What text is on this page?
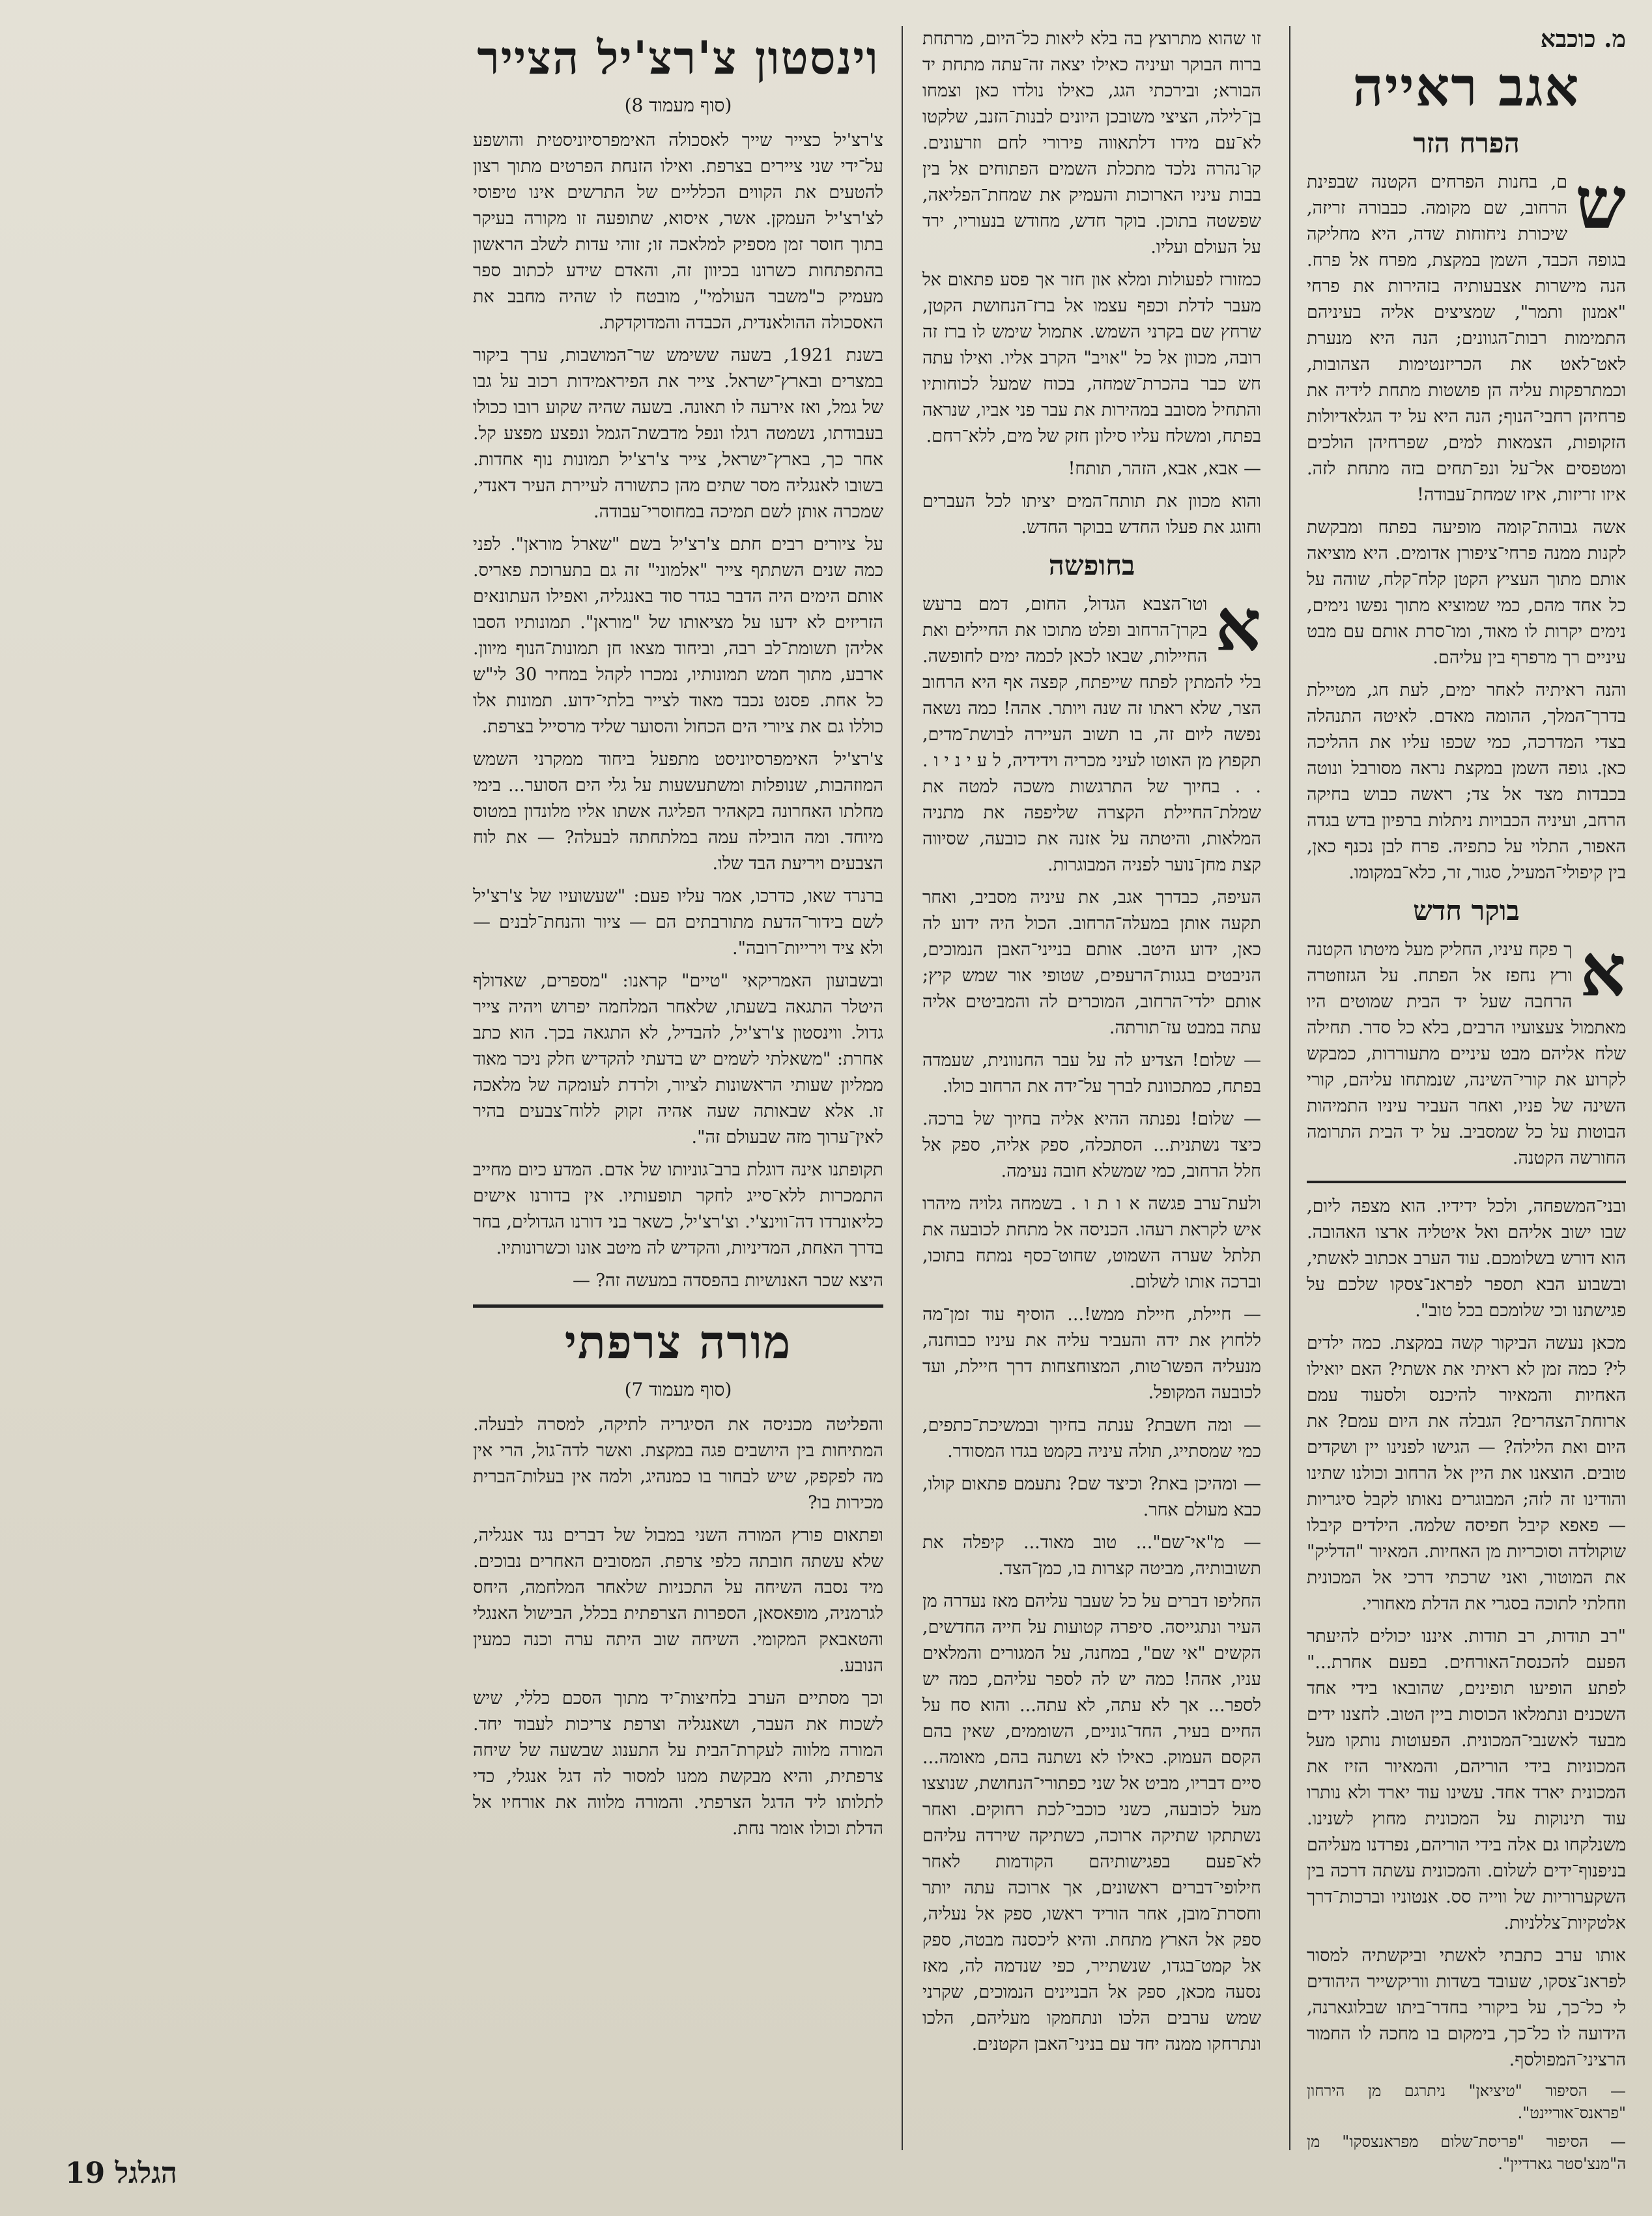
מ. כוכבא
אגב ראייה
הפרח הזר

ש
ם, בחנות הפרחים הקטנה שבפינת הרחוב, שם מקומה. כבבורה זריזה, שיכורת ניחוחות שדה, היא מחליקה בגופה הכבד, השמן במקצת, מפרח אל פרח. הנה מישרות אצבעותיה בזהירות את פרחי "אמנון ותמר", שמציצים אליה בעיניהם התמימות רבות־הגוונים; הנה היא מנערת לאט־לאט את הכריזנטימות הצהובות, וכמתרפקות עליה הן פושטות מתחת לידיה את פרחיהן רחבי־הנוף; הנה היא על יד הגלאדיולות הזקופות, הצמאות למים, שפרחיהן הולכים ומטפסים אל־על ונפ־תחים בזה מתחת לזה. איזו זריזות, איזו שמחת־עבודה!

אשה גבוהת־קומה מופיעה בפתח ומבקשת לקנות ממנה פרחי־ציפורן אדומים. היא מוציאה אותם מתוך העציץ הקטן קלח־קלח, שוהה על כל אחד מהם, כמי שמוציא מתוך נפשו נימים, נימים יקרות לו מאוד, ומו־סרת אותם עם מבט עיניים רך מרפרף בין עליהם.

והנה ראיתיה לאחר ימים, לעת חג, מטיילת בדרך־המלך, ההומה מאדם. לאיטה התנהלה בצדי המדרכה, כמי שכפו עליו את ההליכה כאן. גופה השמן במקצת נראה מסורבל ונוטה בכבדות מצד אל צד; ראשה כבוש בחיקה הרחב, ועיניה הכבויות ניתלות ברפיון בדש בגדה האפור, התלוי על כתפיה. פרח לבן נכנף כאן, בין קיפולי־המעיל, סגור, זר, כלא־במקומו.

בוקר חדש

א
ך פקח עיניו, החליק מעל מיטתו הקטנה ורץ נחפז אל הפתח. על הגזוזטרה הרחבה שעל יד הבית שמוטים היו מאתמול צעצועיו הרבים, בלא כל סדר. תחילה שלח אליהם מבט עיניים מתעוררות, כמבקש לקרוע את קורי־השינה, שנמתחו עליהם, קורי השינה של פניו, ואחר העביר עיניו התמיהות הבוטות על כל שמסביב. על יד הבית התרומה החורשה הקטנה.

ובני־המשפחה, ולכל ידידיו. הוא מצפה ליום, שבו ישוב אליהם ואל איטליה ארצו האהובה. הוא דורש בשלומכם. עוד הערב אכתוב לאשתי, ובשבוע הבא תספר לפראנ־צסקו שלכם על פגישתנו וכי שלומכם בכל טוב".

מכאן נעשה הביקור קשה במקצת. כמה ילדים לי? כמה זמן לא ראיתי את אשתי? האם יואילו האחיות והמאיור להיכנס ולסעוד עמם ארוחת־הצהרים? הגבלה את היום עמם? את היום ואת הלילה? — הגישו לפנינו יין ושקדים טובים. הוצאנו את היין אל הרחוב וכולנו שתינו והודינו זה לזה; המבוגרים נאותו לקבל סיגריות — פאפא קיבל חפיסה שלמה. הילדים קיבלו שוקולדה וסוכריות מן האחיות. המאיור "הדליק" את המוטור, ואני שרכתי דרכי אל המכונית וזחלתי לתוכה בסגרי את הדלת מאחורי.

"רב תודות, רב תודות. איננו יכולים להיעתר הפעם להכנסת־האורחים. בפעם אחרת..." לפתע הופיעו תופינים, שהובאו בידי אחד השכנים ונתמלאו הכוסות ביין הטוב. לחצנו ידים מבעד לאשנבי־המכונית. הפעוטות נותקו מעל המכוניות בידי הוריהם, והמאיור הזיז את המכונית יארד אחד. עשינו עוד יארד ולא נותרו עוד תינוקות על המכונית מחוץ לשנינו. משנלקחו גם אלה בידי הוריהם, נפרדנו מעליהם בניפנוף־ידים לשלום. והמכונית עשתה דרכה בין השקערוריות של ווייה סס. אנטוניו וברכות־דרך אלטקיות־צללניות.

אותו ערב כתבתי לאשתי וביקשתיה למסור לפראנ־צסקו, שעובד בשדות ווריקשייר היהודים לי כל־כך, על ביקורי בחדר־ביתו שבלוגארנה, הידועה לו כל־כך, בימקום בו מחכה לו החמור הרציני־המפולסף.

— הסיפור "טיציאן" ניתרגם מן הירחון "פראנס־אוריינט".

— הסיפור "פריסת־שלום מפראנצסקו" מן ה"מנצ'סטר גארדיין".

זו שהוא מתרוצץ בה בלא ליאות כל־היום, מרתחת ברוח הבוקר ועיניה כאילו יצאה זה־עתה מתחת יד הבורא; ובירכתי הגג, כאילו נולדו כאן וצמחו בן־לילה, הציצי משובכן היונים לבנות־הזנב, שלקטו לא־עם מידו דלתאווה פירורי לחם וזרעונים. קו־נהרה נלכד מתכלת השמים הפתוחים אל בין בבות עיניו הארוכות והעמיק את שמחת־הפליאה, שפשטה בתוכן. בוקר חדש, מחודש בנעוריו, ירד על העולם ועליו.

כמזורז לפעולות ומלא און חזר אך פסע פתאום אל מעבר לדלת וכפף עצמו אל ברז־הנחושת הקטן, שרחץ שם בקרני השמש. אתמול שימש לו ברז זה רובה, מכוון אל כל "אויב" הקרב אליו. ואילו עתה חש כבר בהכרת־שמחה, בכוח שמעל לכוחותיו והתחיל מסובב במהירות את עבר פני אביו, שנראה בפתח, ומשלח עליו סילון חזק של מים, ללא־רחם.

— אבא, אבא, הזהר, תותח!

והוא מכוון את תותח־המים יציתו לכל העברים וחוגג את פעלו החדש בבוקר החדש.

בחופשה

א
וטו־הצבא הגדול, החום, דמם ברעש בקרן־הרחוב ופלט מתוכו את החיילים ואת החיילות, שבאו לכאן לכמה ימים לחופשה. בלי להמתין לפתח שייפתח, קפצה אף היא הרחוב הצר, שלא ראתו זה שנה ויותר. אהה! כמה נשאה נפשה ליום זה, בו תשוב העיירה לבושת־מדים, תקפוץ מן האוטו לעיני מכריה וידידיה, ל ע י נ י ו . . . בחיוך של התרגשות משכה למטה את שמלת־החיילת הקצרה שליפפה את מתניה המלאות, והיטתה על אזנה את כובעה, שסיווה קצת מחן־נוער לפניה המבוגרות.

העיפה, כבדרך אגב, את עיניה מסביב, ואחר תקעה אותן במעלה־הרחוב. הכול היה ידוע לה כאן, ידוע היטב. אותם בנייני־האבן הנמוכים, הניבטים בגגות־הרעפים, שטופי אור שמש קיץ; אותם ילדי־הרחוב, המוכרים לה והמביטים אליה עתה במבט עז־תורתה.

— שלום! הצדיע לה על עבר החנוונית, שעמדה בפתח, כמתכוונת לברך על־ידה את הרחוב כולו.

— שלום! נפנתה ההיא אליה בחיוך של ברכה. כיצד נשתנית... הסתכלה, ספק אליה, ספק אל חלל הרחוב, כמי שמשלא חובה נעימה.

ולעת־ערב פגשה א ו ת ו . בשמחה גלויה מיהרו איש לקראת רעהו. הכניסה אל מתחת לכובעה את תלתל שערה השמוט, שחוט־כסף נמתח בתוכו, וברכה אותו לשלום.

— חיילת, חיילת ממש!... הוסיף עוד זמן־מה ללחוץ את ידה והעביר עליה את עיניו כבוחנה, מנעליה הפשו־טות, המצוחצחות דרך חיילת, ועד לכובעה המקופל.

— ומה חשבת? ענתה בחיוך ובמשיכת־כתפים, כמי שמסתייג, תולה עיניה בקמט בגדו המסודר.

— ומהיכן באת? וכיצד שם? נתעמם פתאום קולו, כבא מעולם אחר.

— מ"אי־שם"... טוב מאוד... קיפלה את תשובותיה, מביטה קצרות בו, כמן־הצד.

החליפו דברים על כל שעבר עליהם מאז נעדרה מן העיר ונתגייסה. סיפרה קטועות על חייה החדשים, הקשים "אי שם", במחנה, על המגורים והמלאים עניו, אהה! כמה יש לה לספר עליהם, כמה יש לספר... אך לא עתה, לא עתה... והוא סח על החיים בעיר, החד־גוניים, השוממים, שאין בהם הקסם העמוק. כאילו לא נשתנה בהם, מאומה... סיים דבריו, מביט אל שני כפתורי־הנחושת, שנוצצו מעל לכובעה, כשני כוכבי־לכת רחוקים. ואחר נשתתקו שתיקה ארוכה, כשתיקה שירדה עליהם לא־פעם בפגישותיהם הקודמות לאחר חילופי־דברים ראשונים, אך ארוכה עתה יותר וחסרת־מובן, אחר הוריד ראשו, ספק אל נעליה, ספק אל הארץ מתחת. והיא ליכסנה מבטה, ספק אל קמט־בגדו, שנשתייר, כפי שנדמה לה, מאז נסעה מכאן, ספק אל הבניינים הנמוכים, שקרני שמש ערבים הלכו ונתחמקו מעליהם, הלכו ונתרחקו ממנה יחד עם בניני־האבן הקטנים.

וינסטון צ'רצ'יל הצייר
(סוף מעמוד 8)

צ'רצ'יל כצייר שייך לאסכולה האימפרסיוניסטית והושפע על־ידי שני ציירים בצרפת. ואילו הזנחת הפרטים מתוך רצון להטעים את הקווים הכלליים של התרשים אינו טיפוסי לצ'רצ'יל העמקן. אשר, איסוא, שתופעה זו מקורה בעיקר בתוך חוסר זמן מספיק למלאכה זו; זוהי עדות לשלב הראשון בהתפתחות כשרונו בכיוון זה, והאדם שידע לכתוב ספר מעמיק כ"משבר העולמי", מובטח לו שהיה מחבב את האסכולה ההולאנדית, הכבדה והמדוקדקת.

בשנת 1921, בשעה ששימש שר־המושבות, ערך ביקור במצרים ובארץ־ישראל. צייר את הפיראמידות רכוב על גבו של גמל, ואז אירעה לו תאונה. בשעה שהיה שקוע רובו ככולו בעבודתו, נשמטה רגלו ונפל מדבשת־הגמל ונפצע מפצע קל. אחר כך, בארץ־ישראל, צייר צ'רצ'יל תמונות נוף אחדות. בשובו לאנגליה מסר שתים מהן כתשורה לעיירת העיר דאנדי, שמכרה אותן לשם תמיכה במחוסרי־עבודה.

על ציורים רבים חתם צ'רצ'יל בשם "שארל מוראן". לפני כמה שנים השתתף צייר "אלמוני" זה גם בתערוכת פאריס. אותם הימים היה הדבר בגדר סוד באנגליה, ואפילו העתונאים הזריזים לא ידעו על מציאותו של "מוראן". תמונותיו הסבו אליהן תשומת־לב רבה, וביחוד מצאו חן תמונות־הנוף מיוון. ארבע, מתוך חמש תמונותיו, נמכרו לקהל במחיר 30 לי"ש כל אחת. פסנט נכבד מאוד לצייר בלתי־ידוע. תמונות אלו כוללו גם את ציורי הים הכחול והסוער שליד מרסייל בצרפת.

צ'רצ'יל האימפרסיוניסט מתפעל ביחוד ממקרני השמש המוזהבות, שנופלות ומשתעשעות על גלי הים הסוער... בימי מחלתו האחרונה בקאהיר הפליגה אשתו אליו מלונדון במטוס מיוחד. ומה הובילה עמה במלתחתה לבעלה? — את לוח הצבעים ויריעת הבד שלו.

ברנרד שאו, כדרכו, אמר עליו פעם: "שעשועיו של צ'רצ'יל לשם בידור־הדעת מתורבתים הם — ציור והנחת־לבנים — ולא ציד וירייות־רובה".

ובשבועון האמריקאי "טיים" קראנו: "מספרים, שאדולף היטלר התגאה בשעתו, שלאחר המלחמה יפרוש ויהיה צייר גדול. ווינסטון צ'רצ'יל, להבדיל, לא התגאה בכך. הוא כתב אחרת: "משאלתי לשמים יש בדעתי להקדיש חלק ניכר מאוד ממליון שעותי הראשונות לציור, ולרדת לעומקה של מלאכה זו. אלא שבאותה שעה אהיה זקוק ללוח־צבעים בהיר לאין־ערוך מזה שבעולם זה".

תקופתנו אינה דוגלת ברב־גוניותו של אדם. המדע כיום מחייב התמכרות ללא־סייג לחקר תופעותיו. אין בדורנו אישים כליאונרדו דה־ווינצ'י. וצ'רצ'יל, כשאר בני דורנו הגדולים, בחר בדרך האחת, המדיניות, והקדיש לה מיטב אונו וכשרונותיו.

היצא שכר האנושיות בהפסדה במעשה זה? —

מורה צרפתי
(סוף מעמוד 7)

והפליטה מכניסה את הסיגריה לתיקה, למסרה לבעלה. המתיחות בין היושבים פגה במקצת. ואשר לדה־גול, הרי אין מה לפקפק, שיש לבחור בו כמנהיג, ולמה אין בעלות־הברית מכירות בו?

ופתאום פורץ המורה השני במבול של דברים נגד אנגליה, שלא עשתה חובתה כלפי צרפת. המסובים האחרים נבוכים. מיד נסבה השיחה על התכניות שלאחר המלחמה, היחס לגרמניה, מופאסאן, הספרות הצרפתית בכלל, הבישול האנגלי והטאבאק המקומי. השיחה שוב היתה ערה וכנה כמעין הנובע.

וכך מסתיים הערב בלחיצות־יד מתוך הסכם כללי, שיש לשכוח את העבר, ושאנגליה וצרפת צריכות לעבוד יחד. המורה מלווה לעקרת־הבית על התענוג שבשעה של שיחה צרפתית, והיא מבקשת ממנו למסור לה דגל אנגלי, כדי לתלותו ליד הדגל הצרפתי. והמורה מלווה את אורחיו אל הדלת וכולו אומר נחת.

הגלגל 19
